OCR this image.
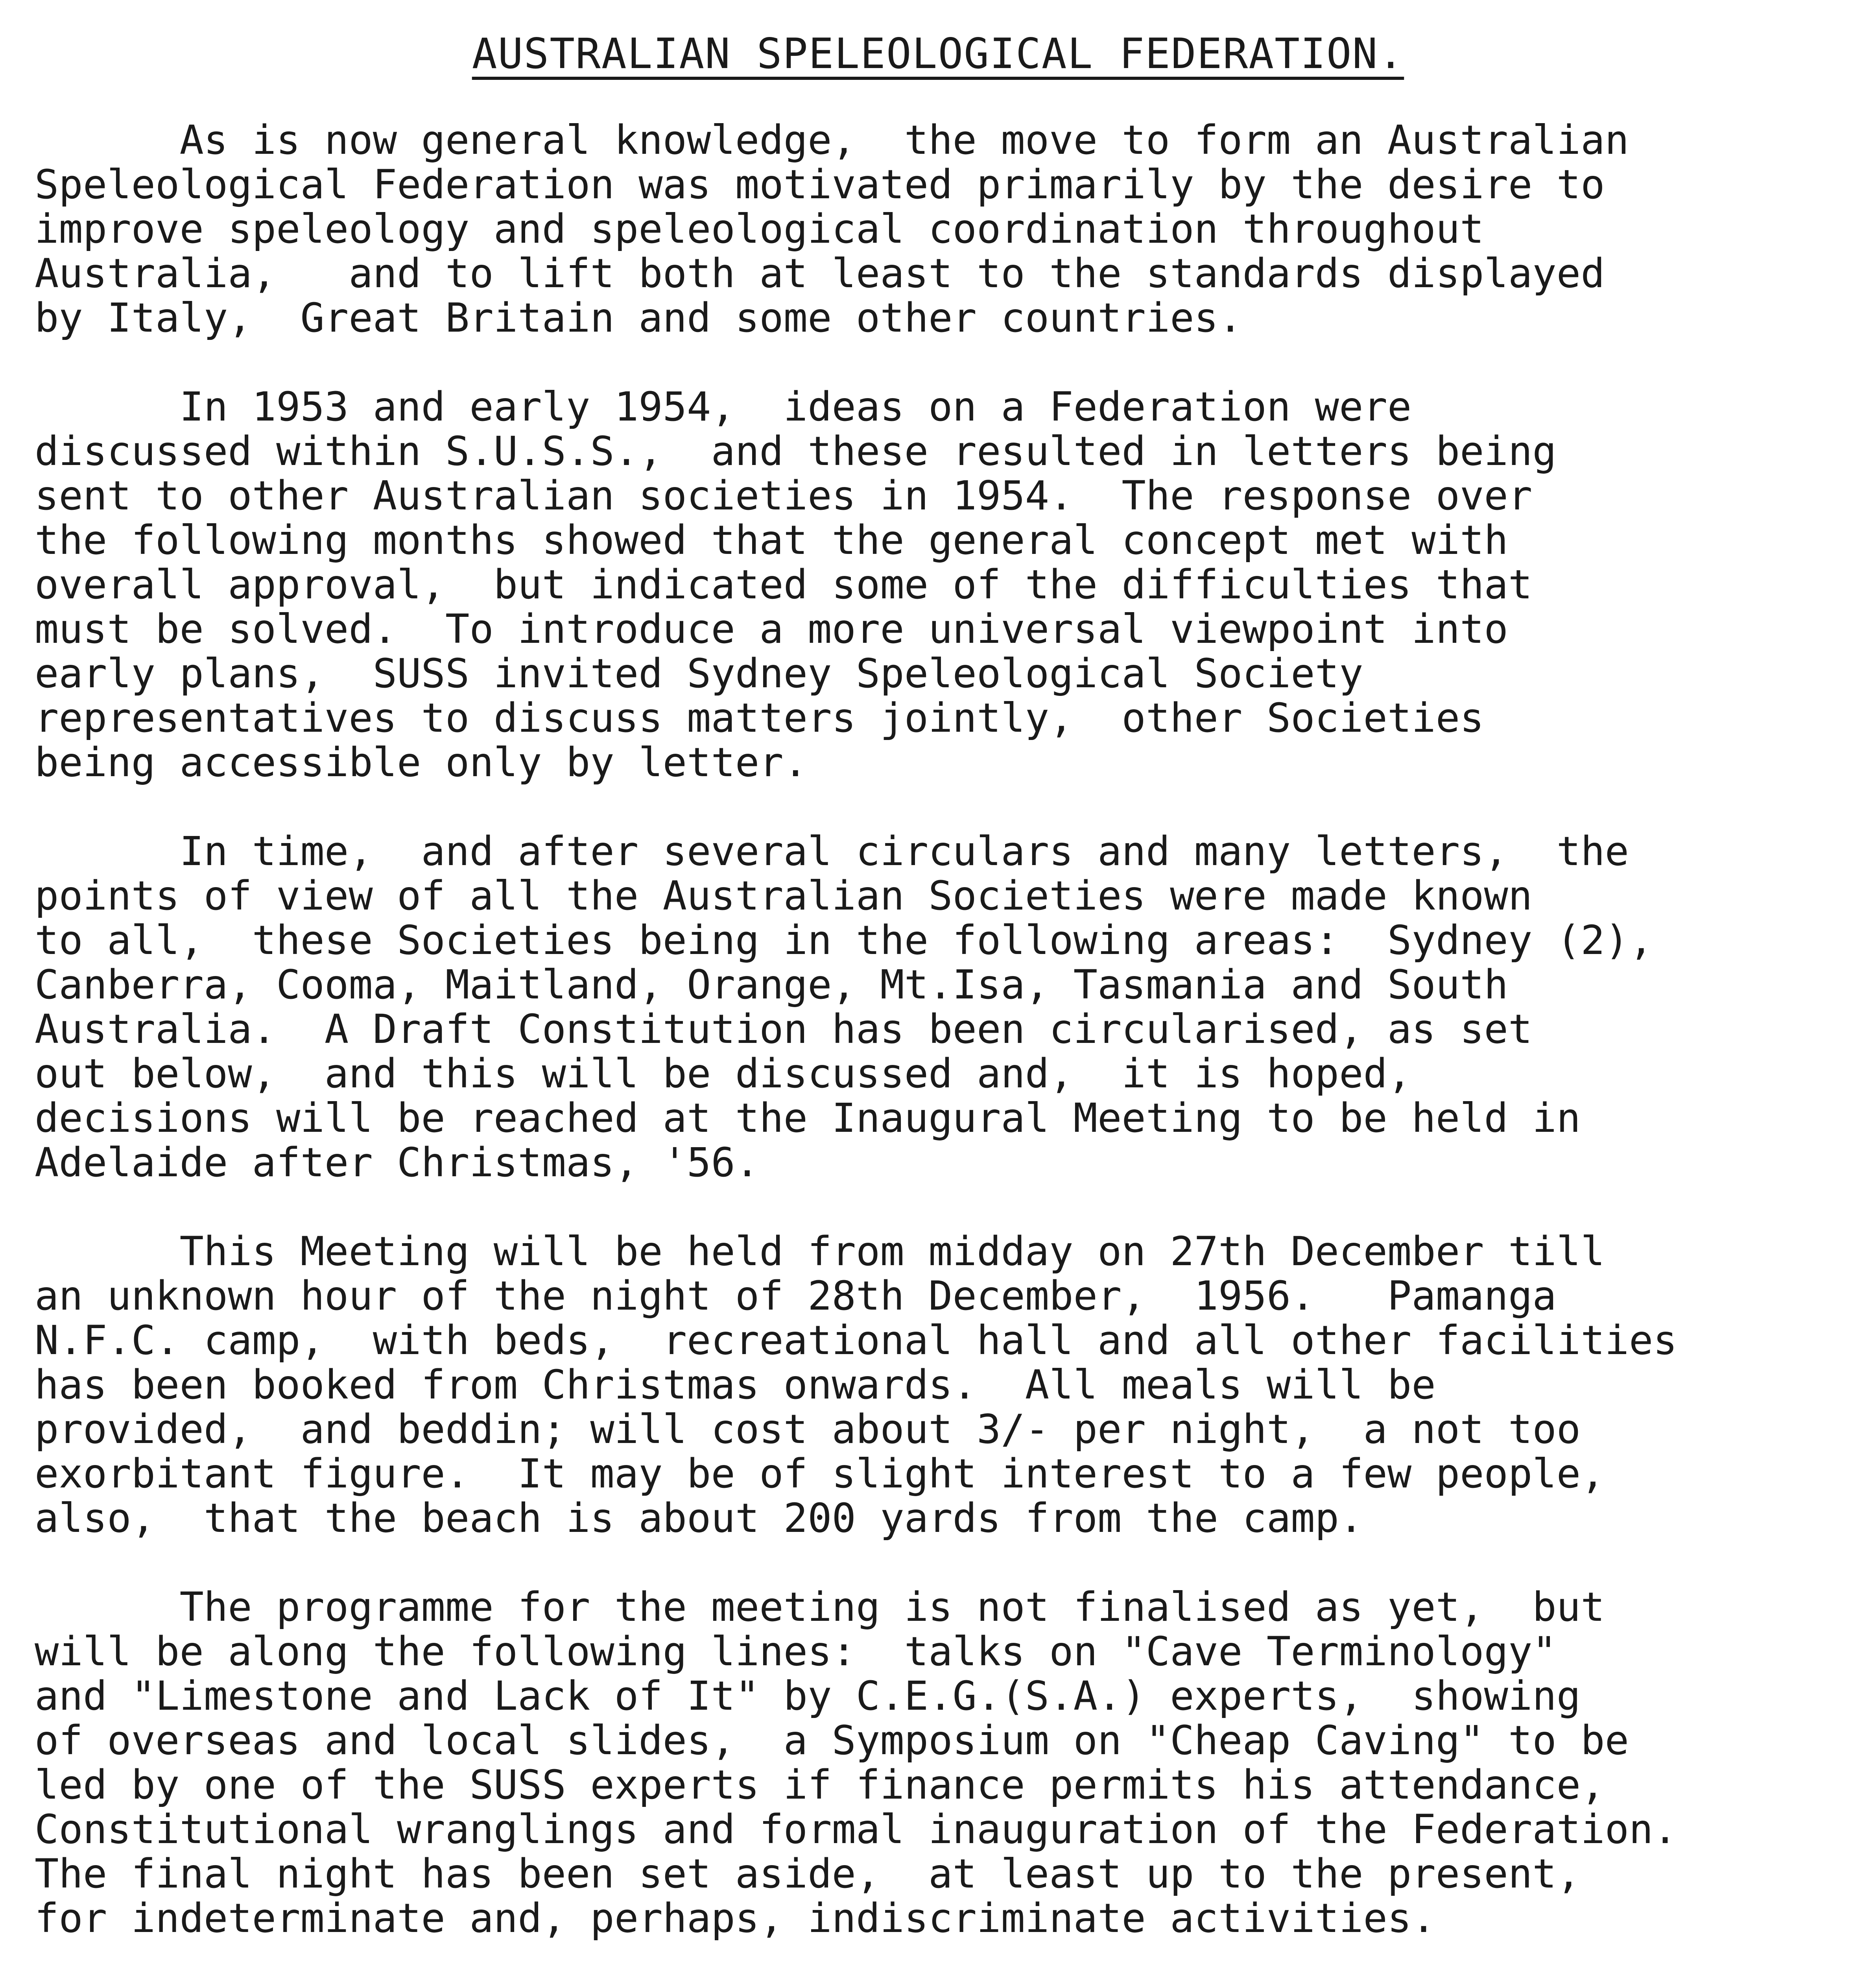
AUSTRALIAN SPELEOLOGICAL FEDERATION.

As is now general knowledge,  the move to form an Australian
Speleological Federation was motivated primarily by the desire to
improve speleology and speleological coordination throughout
Australia,   and to lift both at least to the standards displayed
by Italy,  Great Britain and some other countries.

In 1953 and early 1954,  ideas on a Federation were
discussed within S.U.S.S.,  and these resulted in letters being
sent to other Australian societies in 1954.  The response over
the following months showed that the general concept met with
overall approval,  but indicated some of the difficulties that
must be solved.  To introduce a more universal viewpoint into
early plans,  SUSS invited Sydney Speleological Society
representatives to discuss matters jointly,  other Societies
being accessible only by letter.

In time,  and after several circulars and many letters,  the
points of view of all the Australian Societies were made known
to all,  these Societies being in the following areas:  Sydney (2),
Canberra, Cooma, Maitland, Orange, Mt.Isa, Tasmania and South
Australia.  A Draft Constitution has been circularised, as set
out below,  and this will be discussed and,  it is hoped,
decisions will be reached at the Inaugural Meeting to be held in
Adelaide after Christmas, '56.

This Meeting will be held from midday on 27th December till
an unknown hour of the night of 28th December,  1956.   Pamanga
N.F.C. camp,  with beds,  recreational hall and all other facilities
has been booked from Christmas onwards.  All meals will be
provided,  and beddin; will cost about 3/- per night,  a not too
exorbitant figure.  It may be of slight interest to a few people,
also,  that the beach is about 200 yards from the camp.

The programme for the meeting is not finalised as yet,  but
will be along the following lines:  talks on "Cave Terminology"
and "Limestone and Lack of It" by C.E.G.(S.A.) experts,  showing
of overseas and local slides,  a Symposium on "Cheap Caving" to be
led by one of the SUSS experts if finance permits his attendance,
Constitutional wranglings and formal inauguration of the Federation.
The final night has been set aside,  at least up to the present,
for indeterminate and, perhaps, indiscriminate activities.
